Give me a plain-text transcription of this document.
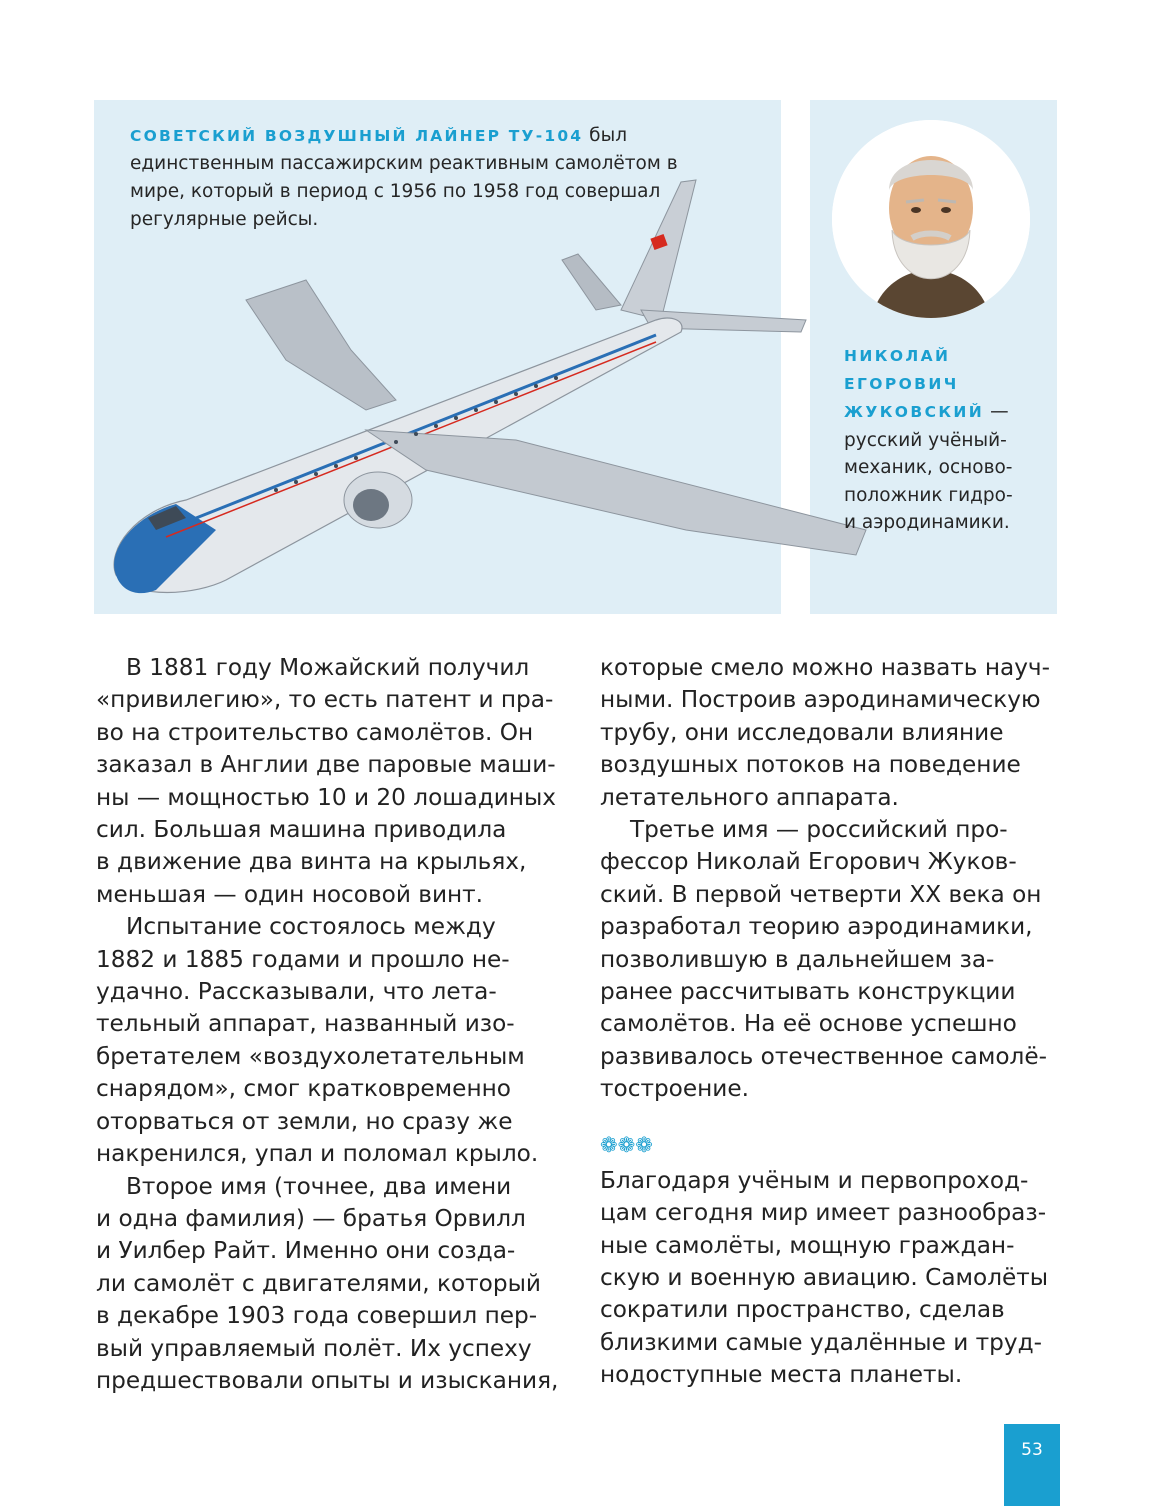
СОВЕТСКИЙ ВОЗДУШНЫЙ ЛАЙНЕР ТУ-104 был единственным пассажирским реактивным самолётом в мире, который в период с 1956 по 1958 год совершал регулярные рейсы.

НИКОЛАЙ
ЕГОРОВИЧ
ЖУКОВСКИЙ —
русский учёный-
механик, осново-
положник гидро-
и аэродинамики.

В 1881 году Можайский получил
«привилегию», то есть патент и пра-
во на строительство самолётов. Он
заказал в Англии две паровые маши-
ны — мощностью 10 и 20 лошадиных
сил. Большая машина приводила
в движение два винта на крыльях,
меньшая — один носовой винт.

Испытание состоялось между
1882 и 1885 годами и прошло не-
удачно. Рассказывали, что лета-
тельный аппарат, названный изо-
бретателем «воздухолетательным
снарядом», смог кратковременно
оторваться от земли, но сразу же
накренился, упал и поломал крыло.

Второе имя (точнее, два имени
и одна фамилия) — братья Орвилл
и Уилбер Райт. Именно они созда-
ли самолёт с двигателями, который
в декабре 1903 года совершил пер-
вый управляемый полёт. Их успеху
предшествовали опыты и изыскания,

которые смело можно назвать науч-
ными. Построив аэродинамическую
трубу, они исследовали влияние
воздушных потоков на поведение
летательного аппарата.

Третье имя — российский про-
фессор Николай Егорович Жуков-
ский. В первой четверти XX века он
разработал теорию аэродинамики,
позволившую в дальнейшем за-
ранее рассчитывать конструкции
самолётов. На её основе успешно
развивалось отечественное самолё-
тостроение.

❁❁❁

Благодаря учёным и первопроход-
цам сегодня мир имеет разнообраз-
ные самолёты, мощную граждан-
скую и военную авиацию. Самолёты
сократили пространство, сделав
близкими самые удалённые и труд-
нодоступные места планеты.

53
